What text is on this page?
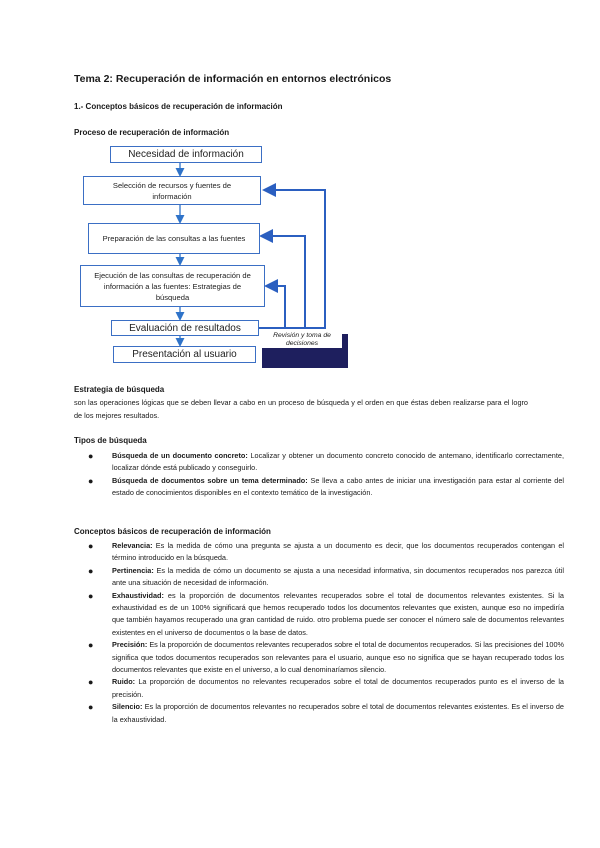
Tema 2: Recuperación de información en entornos electrónicos
1.- Conceptos básicos de recuperación de información
Proceso de recuperación de información
Necesidad de información
Selección de recursos y fuentes de información
Preparación de las consultas a las fuentes
Ejecución de las consultas de recuperación de información a las fuentes: Estrategias de búsqueda
Evaluación de resultados
Presentación al usuario
Revisión y toma de decisiones
Estrategia de búsqueda
son las operaciones lógicas que se deben llevar a cabo en un proceso de búsqueda y el orden en que éstas deben realizarse para el logro de los mejores resultados.
Tipos de búsqueda
●	Búsqueda de un documento concreto: Localizar y obtener un documento concreto conocido de antemano, identificarlo correctamente, localizar dónde está publicado y conseguirlo.
●	Búsqueda de documentos sobre un tema determinado: Se lleva a cabo antes de iniciar una investigación para estar al corriente del estado de conocimientos disponibles en el contexto temático de la investigación.
Conceptos básicos de recuperación de información
●	Relevancia: Es la medida de cómo una pregunta se ajusta a un documento es decir, que los documentos recuperados contengan el término introducido en la búsqueda.
●	Pertinencia: Es la medida de cómo un documento se ajusta a una necesidad informativa, sin documentos recuperados nos parezca útil ante una situación de necesidad de información.
●	Exhaustividad: es la proporción de documentos relevantes recuperados sobre el total de documentos relevantes existentes. Si la exhaustividad es de un 100% significará que hemos recuperado todos los documentos relevantes que existen, aunque eso no impediría que también hayamos recuperado una gran cantidad de ruido. otro problema puede ser conocer el número sale de documentos relevantes existentes en el universo de documentos o la base de datos.
●	Precisión: Es la proporción de documentos relevantes recuperados sobre el total de documentos recuperados. Si las precisiones del 100% significa que todos documentos recuperados son relevantes para el usuario, aunque eso no significa que se hayan recuperado todos los documentos relevantes que existe en el universo, a lo cual denominaríamos silencio.
●	Ruido: La proporción de documentos no relevantes recuperados sobre el total de documentos recuperados punto es el inverso de la precisión.
●	Silencio: Es la proporción de documentos relevantes no recuperados sobre el total de documentos relevantes existentes. Es el inverso de la exhaustividad.
